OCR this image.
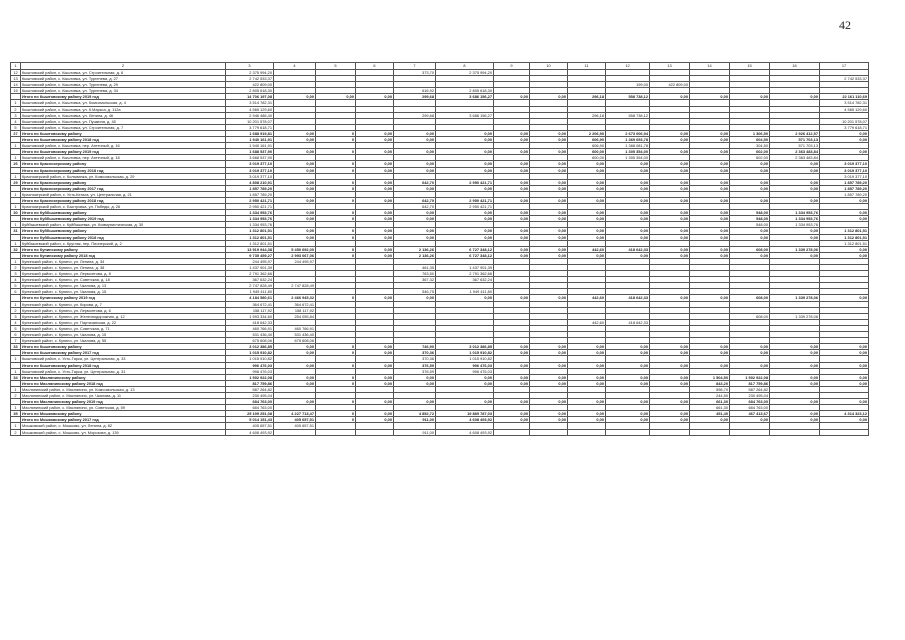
42
1	2	3	4	5	6	7	8	9	10	11	12	13	14	15	16	17
12	Кыштовский район, с. Кыштовка, ул. Строительная, д. 6	2 375 994,20				373,70	2 375 994,20									
13	Кыштовский район, с. Кыштовка, ул. Тургенева, д. 27	2 742 533,37														2 742 533,37
14	Кыштовский район, с. Кыштовка, ул. Тургенева, д. 29	422 809,00									199,00	422 809,00				
15	Кыштовский район, с. Кыштовка, ул. Тургенева, д. 34	2 805 618,30				616,92	2 805 618,30									
	Итого по Кыштовскому району 2019 год	14 706 197,08	0,00	0,00	0,00	299,68	3 686 156,27	0,00	0,00	296,18	558 738,12	0,00	0,00	0,00	0,00	22 161 110,69
1	Кыштовский район, с. Кыштовка, ул. Комсомольская, д. 4	3 514 782,31														3 514 782,31
2	Кыштовский район, с. Кыштовка, ул. К.Маркса, д. 112а	4 565 129,60														4 565 129,60
3	Кыштовский район, с. Кыштовка, ул. Ленина, д. 46	2 946 486,40				299,68	3 686 156,27			296,18	558 738,12					
4	Кыштовский район, с. Кыштовка, ул. Пушкина, д. 45	10 201 578,07														10 201 578,07
5	Кыштовский район, с. Кыштовка, ул. Строительная, д. 7	3 779 618,71														3 779 618,71
27	Итого по Кыштовскому району	1 688 919,81	0,00	0	0,00	0,00	0,00	0,00	0,00	2 206,90	2 673 006,94	0,00	0,00	1 306,50	2 926 412,57	0,00
	Итого по Кыштовскому району 2018 год	1 940 161,91	0,00	0	0,00	0,00	0,00	0,00	0,00	606,90	1 369 653,78	0,00	0,00	604,50	571 703,13	0,00
1	Кыштовский район, с. Кыштовка, пер. Аптечный, д. 16	1 940 161,91								606,90	1 368 081,78			304,50	571 703,13	
	Итого по Кыштовскому району 2019 год	1 688 537,90	0,00	0	0,00	0,00	0,00	0,00	0,00	600,00	1 305 354,00	0,00	0,00	602,00	2 363 483,84	0,00
1	Кыштовский район, с. Кыштовка, пер. Аптечный, д. 18	3 668 537,90								600,00	1 305 354,00			602,00	2 363 483,84	
26	Итого по Краснозерскому району	3 019 377,10	0,00	0	0,00	0,00	0,00	0,00	0,00	0,00	0,00	0,00	0,00	0,00	0,00	3 019 377,10
	Итого по Краснозерскому району 2018 год	3 019 377,10	0,00	0	0,00	0,00	0,00	0,00	0,00	0,00	0,00	0,00	0,00	0,00	0,00	3 019 377,10
1	Краснозерский район, с. Колыванка, ул. Комсомольская, д. 29	3 019 377,10														3 019 377,10
29	Итого по Краснозерскому району	4 808 210,91	0,00	0	0,00	642,70	2 950 421,71	0,00	0,00	0,00	0,00	0,00	0,00	0,00	0,00	1 857 789,20
	Итого по Краснозерскому району 2017 год	1 857 789,20	0,00	0	0,00	0,00	0,00	0,00	0,00	0,00	0,00	0,00	0,00	0,00	0,00	1 857 789,20
1	Краснозерский район, с. Усть-Кеньга, ул. Центральная, д. 21	1 857 789,20														1 857 789,20
	Итого по Краснозерскому району 2018 год	2 950 421,71	0,00	0	0,00	642,70	2 950 421,71	0,00	0,00	0,00	0,00	0,00	0,00	0,00	0,00	0,00
1	Краснозерский район, с. Быстровка, ул. Победы, д. 26	2 950 421,71				642,70	2 950 421,71									
30	Итого по Куйбышевскому району	1 334 953,76	0,00	0	0,00	0,00	0,00	0,00	0,00	0,00	0,00	0,00	0,00	548,00	1 334 953,76	0,00
	Итого по Куйбышевскому району 2019 год	1 334 953,76	0,00	0	0,00	0,00	0,00	0,00	0,00	0,00	0,00	0,00	0,00	548,00	1 334 953,76	0,00
1	Куйбышевский район, с. Куйбышевка, ул. Коммунистическая, д. 30	1 334 953,76												548,00	1 334 953,76	
31	Итого по Куйбышевскому району	1 312 801,51	0,00	0	0,00	0,00	0,00	0,00	0,00	0,00	0,00	0,00	0,00	0,00	0,00	1 312 801,51
	Итого по Куйбышевскому району 2018 год	1 312 801,51	0,00	0	0,00	0,00	0,00	0,00	0,00	0,00	0,00	0,00	0,00	0,00	0,00	1 312 801,51
1	Куйбышевский район, с. Кругляк, пер. Пионерский, д. 2	1 312 801,51														1 312 801,51
32	Итого по Купинскому району	13 919 944,38	5 450 692,00	0	0,00	2 136,26	6 727 348,12	0,00	0,00	442,60	418 642,33	0,00	0,00	608,00	1 339 278,06	0,00
	Итого по Купинскому району 2018 год	9 735 459,27	2 993 067,06	0	0,00	2 136,26	6 727 348,12	0,00	0,00	0,00	0,00	0,00	0,00	0,00	0,00	0,00
1	Купинский район, с. Купино, ул. Ленина, д. 34	244 495,97	244 495,97													
2	Купинский район, с. Купино, ул. Ленина, д. 38	1 437 901,39				461,35	1 437 901,39									
3	Купинский район, с. Купино, ул. Лермонтова, д. 8	2 791 362,66				763,50	2 791 362,66									
4	Купинский район, с. Купино, ул. Советская, д. 18	367 632,24				367,32	367 632,24									
5	Купинский район, с. Купино, ул. Чкалова, д. 13	2 747 828,49	2 747 828,49													
6	Купинский район, с. Купино, ул. Чкалова, д. 15	1 949 411,80				546,75	1 949 411,80									
	Итого по Купинскому району 2019 год	4 184 580,61	2 466 945,32	0	0,00	0,00	0,00	0,00	0,00	442,60	418 642,33	0,00	0,00	608,00	1 339 278,06	0,00
1	Купинский район, с. Купино, ул. Кирова, д. 7	364 672,41	364 672,41													
2	Купинский район, с. Купино, ул. Лермонтова, д. 6	158 117,92	158 117,92													
3	Купинский район, с. Купино, ул. Железнодорожная, д. 12	1 593 334,60	254 055,84											608,00	1 339 278,06	
4	Купинский район, с. Купино, ул. Партизанская, д. 22	418 642,33								442,60	418 642,33					
5	Купинский район, с. Купино, ул. Советская, д. 71	460 766,91	460 766,91													
6	Купинский район, с. Купино, ул. Чкалова, д. 15	531 436,40	531 436,40													
7	Купинский район, с. Купино, ул. Чкалова, д. 55	675 608,06	675 608,06													
33	Итого по Кыштовскому району	3 012 386,85	0,00	0	0,00	746,90	3 012 386,85	0,00	0,00	0,00	0,00	0,00	0,00	0,00	0,00	0,00
	Итого по Кыштовскому району 2017 год	1 015 910,82	0,00	0	0,00	370,36	1 015 910,82	0,00	0,00	0,00	0,00	0,00	0,00	0,00	0,00	0,00
1	Кыштовский район, с. Усть-Тарка, ул. Центральная, д. 33	1 015 910,82				370,36	1 015 910,82									
	Итого по Кыштовскому району 2018 год	996 476,03	0,00	0	0,00	376,59	996 476,03	0,00	0,00	0,00	0,00	0,00	0,00	0,00	0,00	0,00
1	Кыштовский район, с. Усть-Тарка, ул. Центральная, д. 31	996 476,03				376,59	996 476,03									
34	Итого по Маслянинскому району	1 502 922,08	0,00	0	0,00	0,00	0,00	0,00	0,00	0,00	0,00	0,00	1 504,50	1 502 922,08	0,00	0,00
	Итого по Маслянинскому району 2018 год	817 759,86	0,00	0	0,00	0,00	0,00	0,00	0,00	0,00	0,00	0,00	843,20	817 759,86	0,00	0,00
1	Маслянинский район, с. Маслянино, ул. Комсомольская, д. 13	587 264,82											598,70	587 264,82		
2	Маслянинский район, с. Маслянино, ул. Чкалова, д. 11	230 495,04											244,50	230 495,04		
	Итого по Маслянинскому району 2019 год	684 763,00	0,00	0	0,00	0,00	0,00	0,00	0,00	0,00	0,00	0,00	661,30	684 763,00	0,00	0,00
1	Маслянинский район, с. Маслянино, ул. Советская, д. 59	684 763,00											661,30	684 763,00		
35	Итого по Мошковскому району	25 199 251,08	4 227 713,47	0	0,00	4 852,72	19 889 787,03	0,00	0,00	0,00	0,00	0,00	451,40	467 413,67	0,00	4 314 323,12
	Итого по Мошковскому району 2017 год	5 014 151,43	405 657,51	0	0,00	911,00	4 608 493,92	0,00	0,00	0,00	0,00	0,00	0,00	0,00	0,00	0,00
1	Мошковский район, с. Мошково, ул. Ленина, д. 82	405 657,51	405 657,51													
2	Мошковский район, с. Мошково, ул. Морозова, д. 139	4 608 493,92				911,00	4 608 493,92									
